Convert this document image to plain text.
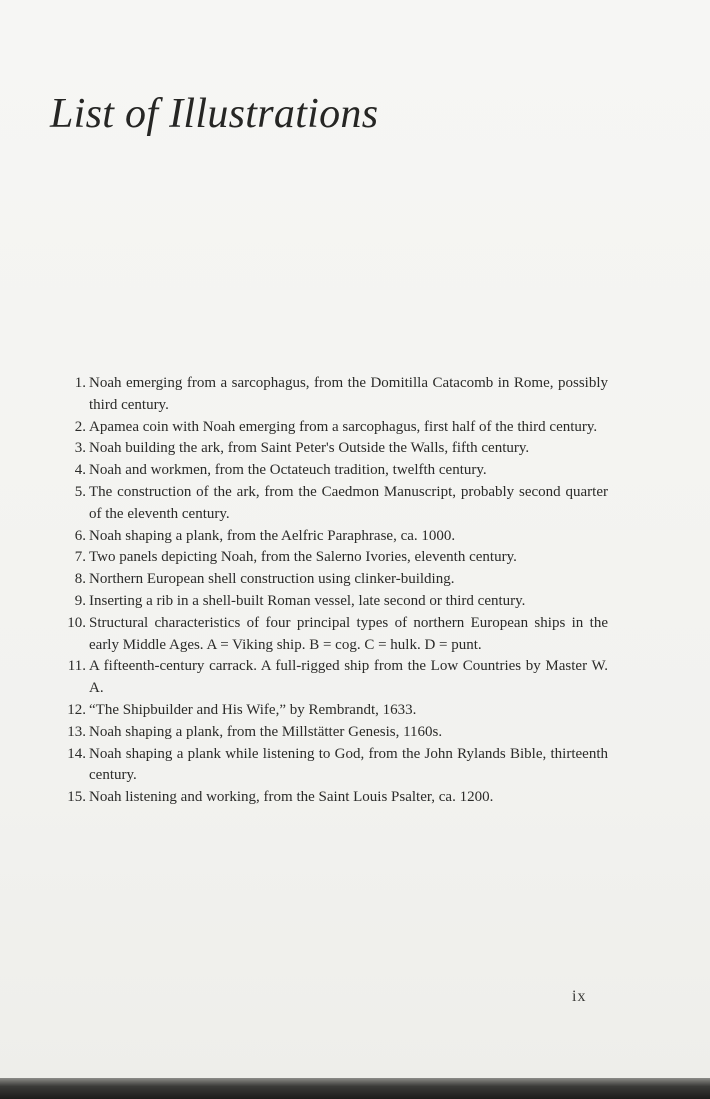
List of Illustrations
1. Noah emerging from a sarcophagus, from the Domitilla Catacomb in Rome, possibly third century.
2. Apamea coin with Noah emerging from a sarcophagus, first half of the third century.
3. Noah building the ark, from Saint Peter's Outside the Walls, fifth century.
4. Noah and workmen, from the Octateuch tradition, twelfth century.
5. The construction of the ark, from the Caedmon Manuscript, probably second quarter of the eleventh century.
6. Noah shaping a plank, from the Aelfric Paraphrase, ca. 1000.
7. Two panels depicting Noah, from the Salerno Ivories, eleventh century.
8. Northern European shell construction using clinker-building.
9. Inserting a rib in a shell-built Roman vessel, late second or third century.
10. Structural characteristics of four principal types of northern European ships in the early Middle Ages. A = Viking ship. B = cog. C = hulk. D = punt.
11. A fifteenth-century carrack. A full-rigged ship from the Low Countries by Master W. A.
12. “The Shipbuilder and His Wife,” by Rembrandt, 1633.
13. Noah shaping a plank, from the Millstätter Genesis, 1160s.
14. Noah shaping a plank while listening to God, from the John Rylands Bible, thirteenth century.
15. Noah listening and working, from the Saint Louis Psalter, ca. 1200.
ix
